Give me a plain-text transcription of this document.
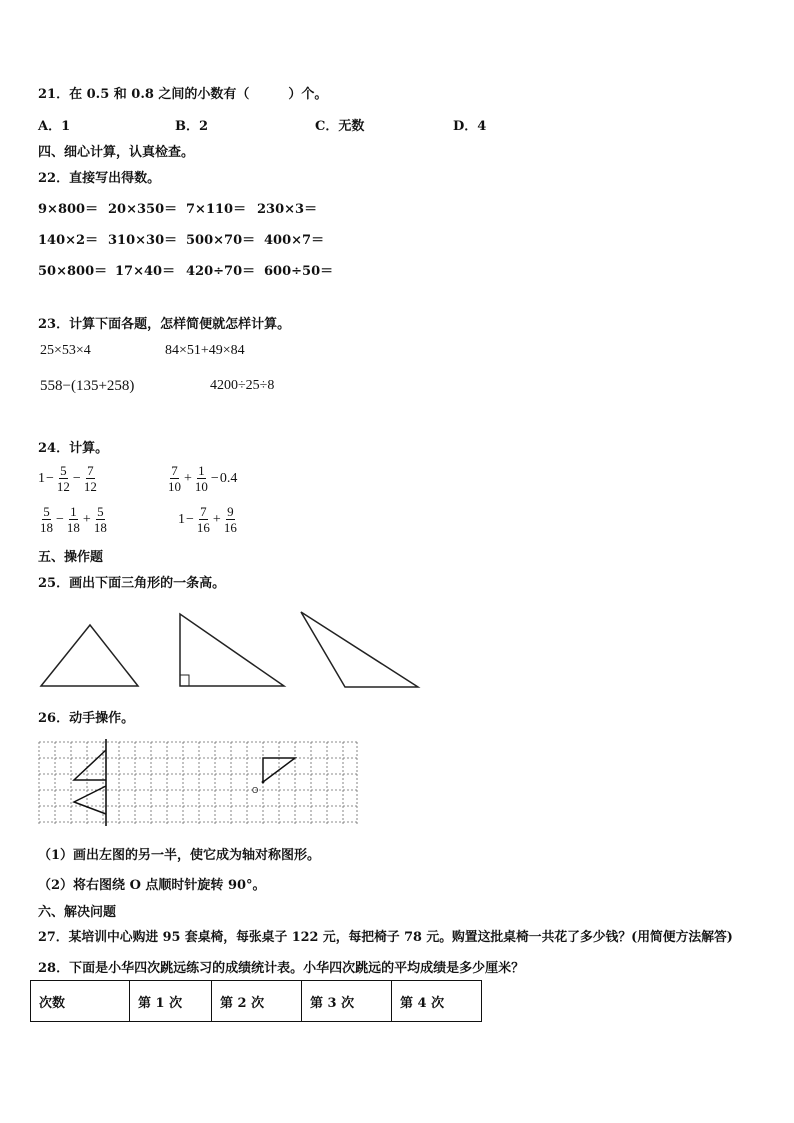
21．在 0.5 和 0.8 之间的小数有（　　　）个。
A．1	B．2	C．无数	D．4
四、细心计算，认真检查。
22．直接写出得数。
9×800＝ 20×350＝ 7×110＝ 230×3＝
140×2＝ 310×30＝ 500×70＝ 400×7＝
50×800＝ 17×40＝ 420÷70＝ 600÷50＝
23．计算下面各题，怎样简便就怎样计算。
25×53×4	84×51+49×84
558−(135+258)	4200÷25÷8
24．计算。
$1 - \frac{5}{12} - \frac{7}{12}$	$\frac{7}{10} + \frac{1}{10} - 0.4$
$\frac{5}{18} - \frac{1}{18} + \frac{5}{18}$	$1 - \frac{7}{16} + \frac{9}{16}$
五、操作题
25．画出下面三角形的一条高。
26．动手操作。
O
（1）画出左图的另一半，使它成为轴对称图形。
（2）将右图绕 O 点顺时针旋转 90°。
六、解决问题
27．某培训中心购进 95 套桌椅，每张桌子 122 元，每把椅子 78 元。购置这批桌椅一共花了多少钱？(用简便方法解答)
28．下面是小华四次跳远练习的成绩统计表。小华四次跳远的平均成绩是多少厘米？
次数	第 1 次	第 2 次	第 3 次	第 4 次
